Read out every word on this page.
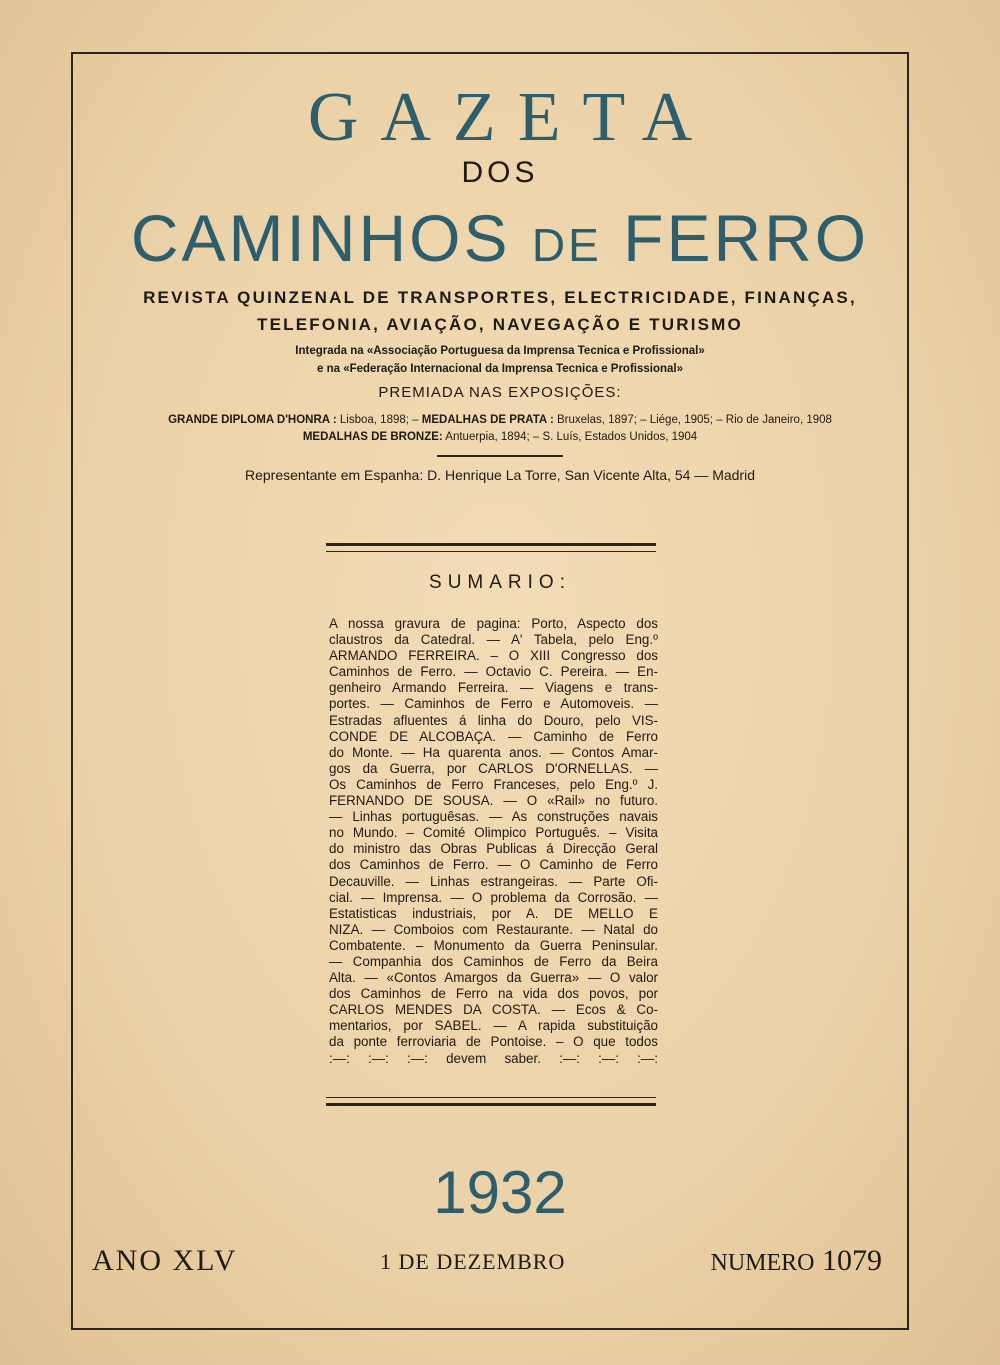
GAZETA
DOS
CAMINHOS DE FERRO
REVISTA QUINZENAL DE TRANSPORTES, ELECTRICIDADE, FINANÇAS,
TELEFONIA, AVIAÇÃO, NAVEGAÇÃO E TURISMO
Integrada na «Associação Portuguesa da Imprensa Tecnica e Profissional»
e na «Federação Internacional da Imprensa Tecnica e Profissional»
PREMIADA NAS EXPOSIÇÕES:
GRANDE DIPLOMA D'HONRA : Lisboa, 1898; – MEDALHAS DE PRATA : Bruxelas, 1897; – Liége, 1905; – Rio de Janeiro, 1908
MEDALHAS DE BRONZE: Antuerpia, 1894; – S. Luís, Estados Unidos, 1904
Representante em Espanha: D. Henrique La Torre, San Vicente Alta, 54 — Madrid
SUMARIO:
A nossa gravura de pagina: Porto, Aspecto dos
claustros da Catedral. — A' Tabela, pelo Eng.º
ARMANDO FERREIRA. – O XIII Congresso dos
Caminhos de Ferro. — Octavio C. Pereira. — En-
genheiro Armando Ferreira. — Viagens e trans-
portes. — Caminhos de Ferro e Automoveis. —
Estradas afluentes á linha do Douro, pelo VIS-
CONDE DE ALCOBAÇA. — Caminho de Ferro
do Monte. — Ha quarenta anos. — Contos Amar-
gos da Guerra, por CARLOS D'ORNELLAS. —
Os Caminhos de Ferro Franceses, pelo Eng.º J.
FERNANDO DE SOUSA. — O «Rail» no futuro.
— Linhas portuguêsas. — As construções navais
no Mundo. – Comité Olimpico Português. – Visita
do ministro das Obras Publicas á Direcção Geral
dos Caminhos de Ferro. — O Caminho de Ferro
Decauville. — Linhas estrangeiras. — Parte Ofi-
cial. — Imprensa. — O problema da Corrosão. —
Estatisticas industriais, por A. DE MELLO E
NIZA. — Comboios com Restaurante. — Natal do
Combatente. – Monumento da Guerra Peninsular.
— Companhia dos Caminhos de Ferro da Beira
Alta. — «Contos Amargos da Guerra» — O valor
dos Caminhos de Ferro na vida dos povos, por
CARLOS MENDES DA COSTA. — Ecos & Co-
mentarios, por SABEL. — A rapida substituição
da ponte ferroviaria de Pontoise. – O que todos
:—: :—: :—: devem saber. :—: :—: :—:
1932
ANO XLV	1 DE DEZEMBRO	NUMERO 1079
